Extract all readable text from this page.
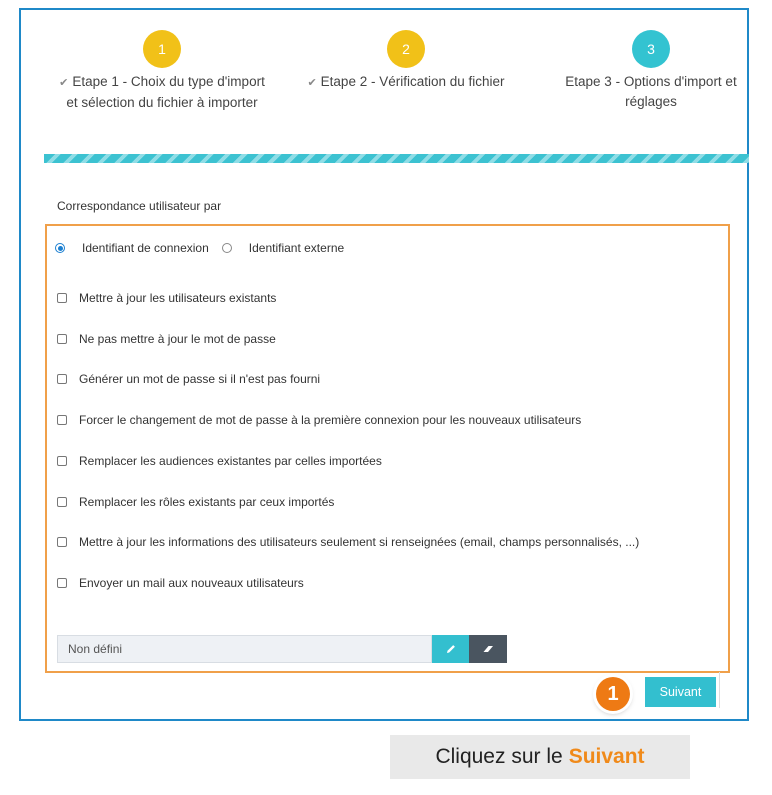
1
✔ Etape 1 - Choix du type d'import et sélection du fichier à importer
2
✔ Etape 2 - Vérification du fichier
3
Etape 3 - Options d'import et réglages
Correspondance utilisateur par
Identifiant de connexion	Identifiant externe
Mettre à jour les utilisateurs existants
Ne pas mettre à jour le mot de passe
Générer un mot de passe si il n'est pas fourni
Forcer le changement de mot de passe à la première connexion pour les nouveaux utilisateurs
Remplacer les audiences existantes par celles importées
Remplacer les rôles existants par ceux importés
Mettre à jour les informations des utilisateurs seulement si renseignées (email, champs personnalisés, ...)
Envoyer un mail aux nouveaux utilisateurs
Non défini
1	Suivant
Cliquez sur le Suivant
